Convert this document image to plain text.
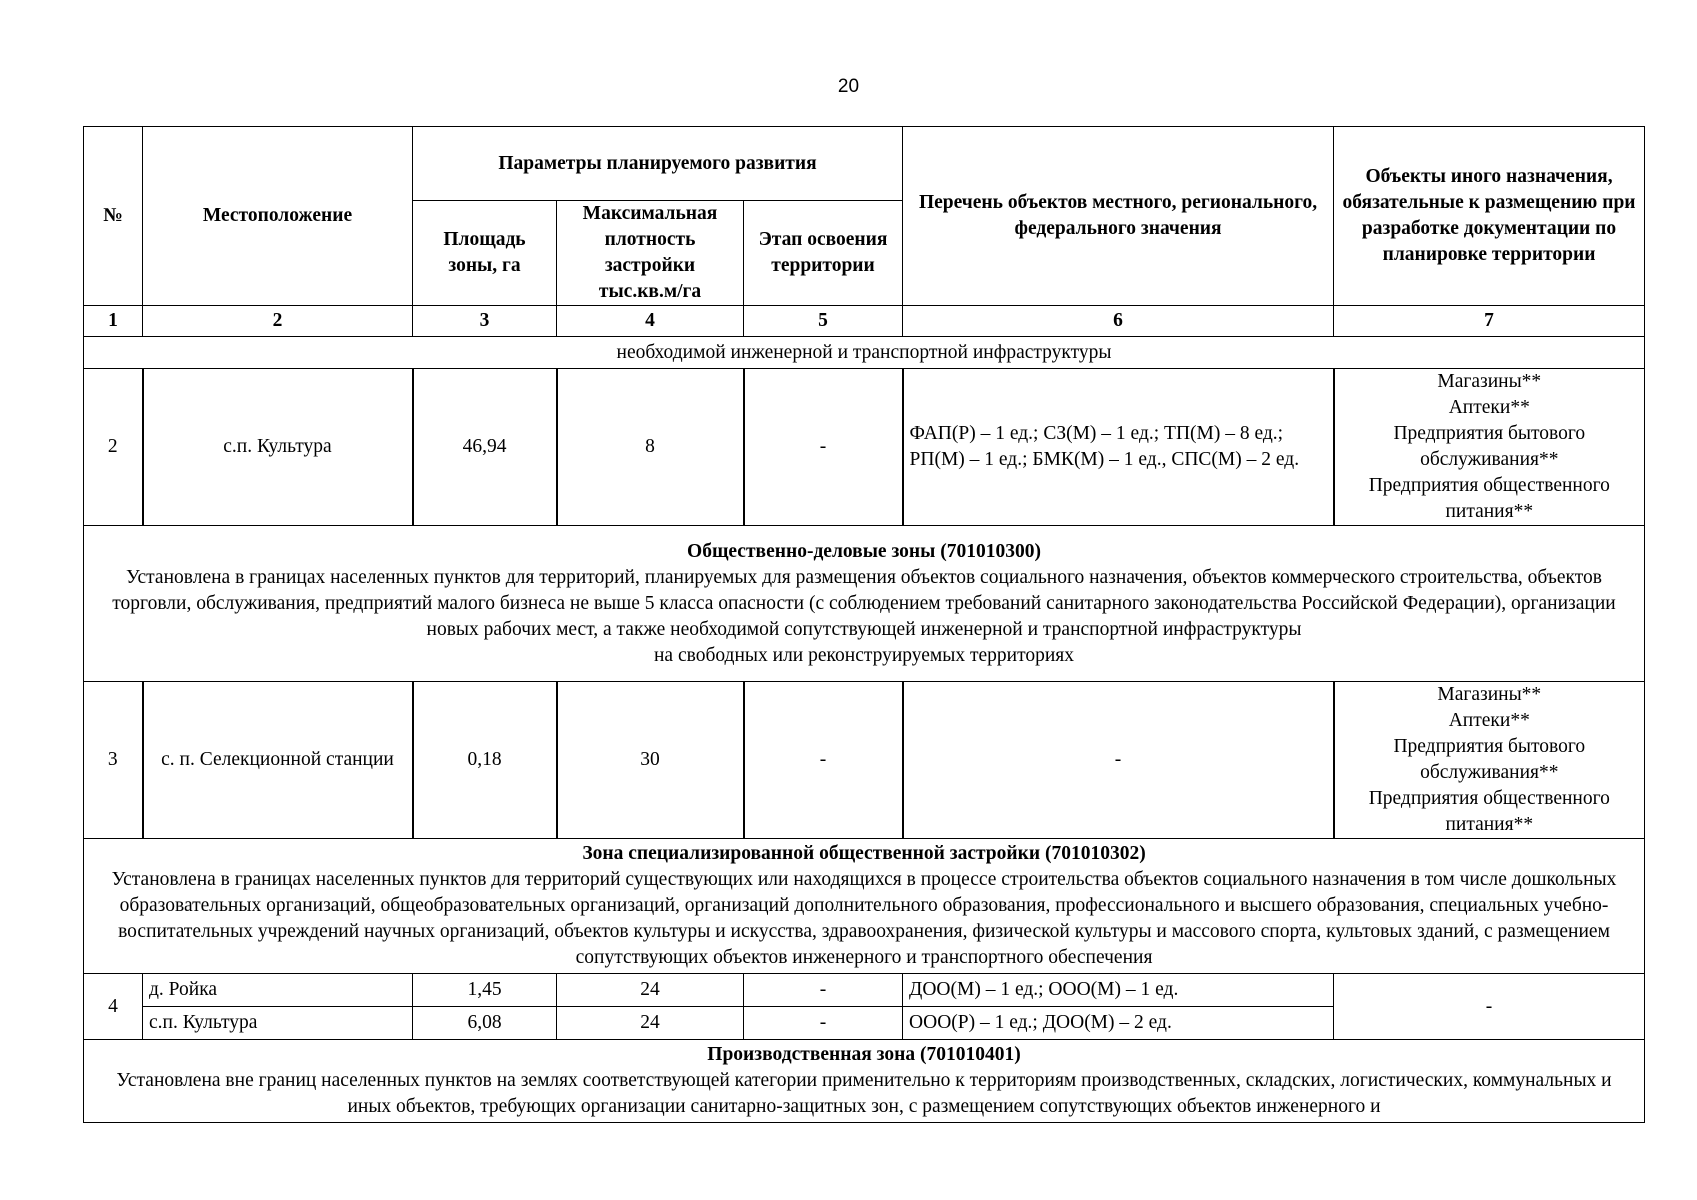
20
№	Местоположение	Параметры планируемого развития			Перечень объектов местного, регионального, федерального значения	Объекты иного назначения, обязательные к размещению при разработке документации по планировке территории
		Площадь зоны, га	Максимальная плотность застройки тыс.кв.м/га	Этап освоения территории		
1	2	3	4	5	6	7
необходимой инженерной и транспортной инфраструктуры						
2	с.п. Культура	46,94	8	-	ФАП(Р) – 1 ед.; СЗ(М) – 1 ед.; ТП(М) – 8 ед.; РП(М) – 1 ед.; БМК(М) – 1 ед., СПС(М) – 2 ед.	Магазины**
Аптеки**
Предприятия бытового обслуживания**
Предприятия общественного питания**

Общественно-деловые зоны (701010300)
Установлена в границах населенных пунктов для территорий, планируемых для размещения объектов социального назначения, объектов коммерческого строительства, объектов торговли, обслуживания, предприятий малого бизнеса не выше 5 класса опасности (с соблюдением требований санитарного законодательства Российской Федерации), организации новых рабочих мест, а также необходимой сопутствующей инженерной и транспортной инфраструктуры
на свободных или реконструируемых территориях						

3	с. п. Селекционной станции	0,18	30	-	-	Магазины**
Аптеки**
Предприятия бытового обслуживания**
Предприятия общественного питания**

Зона специализированной общественной застройки (701010302)
Установлена в границах населенных пунктов для территорий существующих или находящихся в процессе строительства объектов социального назначения в том числе дошкольных образовательных организаций, общеобразовательных организаций, организаций дополнительного образования, профессионального и высшего образования, специальных учебно-воспитательных учреждений научных организаций, объектов культуры и искусства, здравоохранения, физической культуры и массового спорта, культовых зданий, с размещением сопутствующих объектов инженерного и транспортного обеспечения						

4	д. Ройка	1,45	24	-	ДОО(М) – 1 ед.; ООО(М) – 1 ед.	-
	с.п. Культура	6,08	24	-	ООО(Р) – 1 ед.; ДОО(М) – 2 ед.	

Производственная зона (701010401)
Установлена вне границ населенных пунктов на землях соответствующей категории применительно к территориям производственных, складских, логистических, коммунальных и иных объектов, требующих организации санитарно-защитных зон, с размещением сопутствующих объектов инженерного и						
